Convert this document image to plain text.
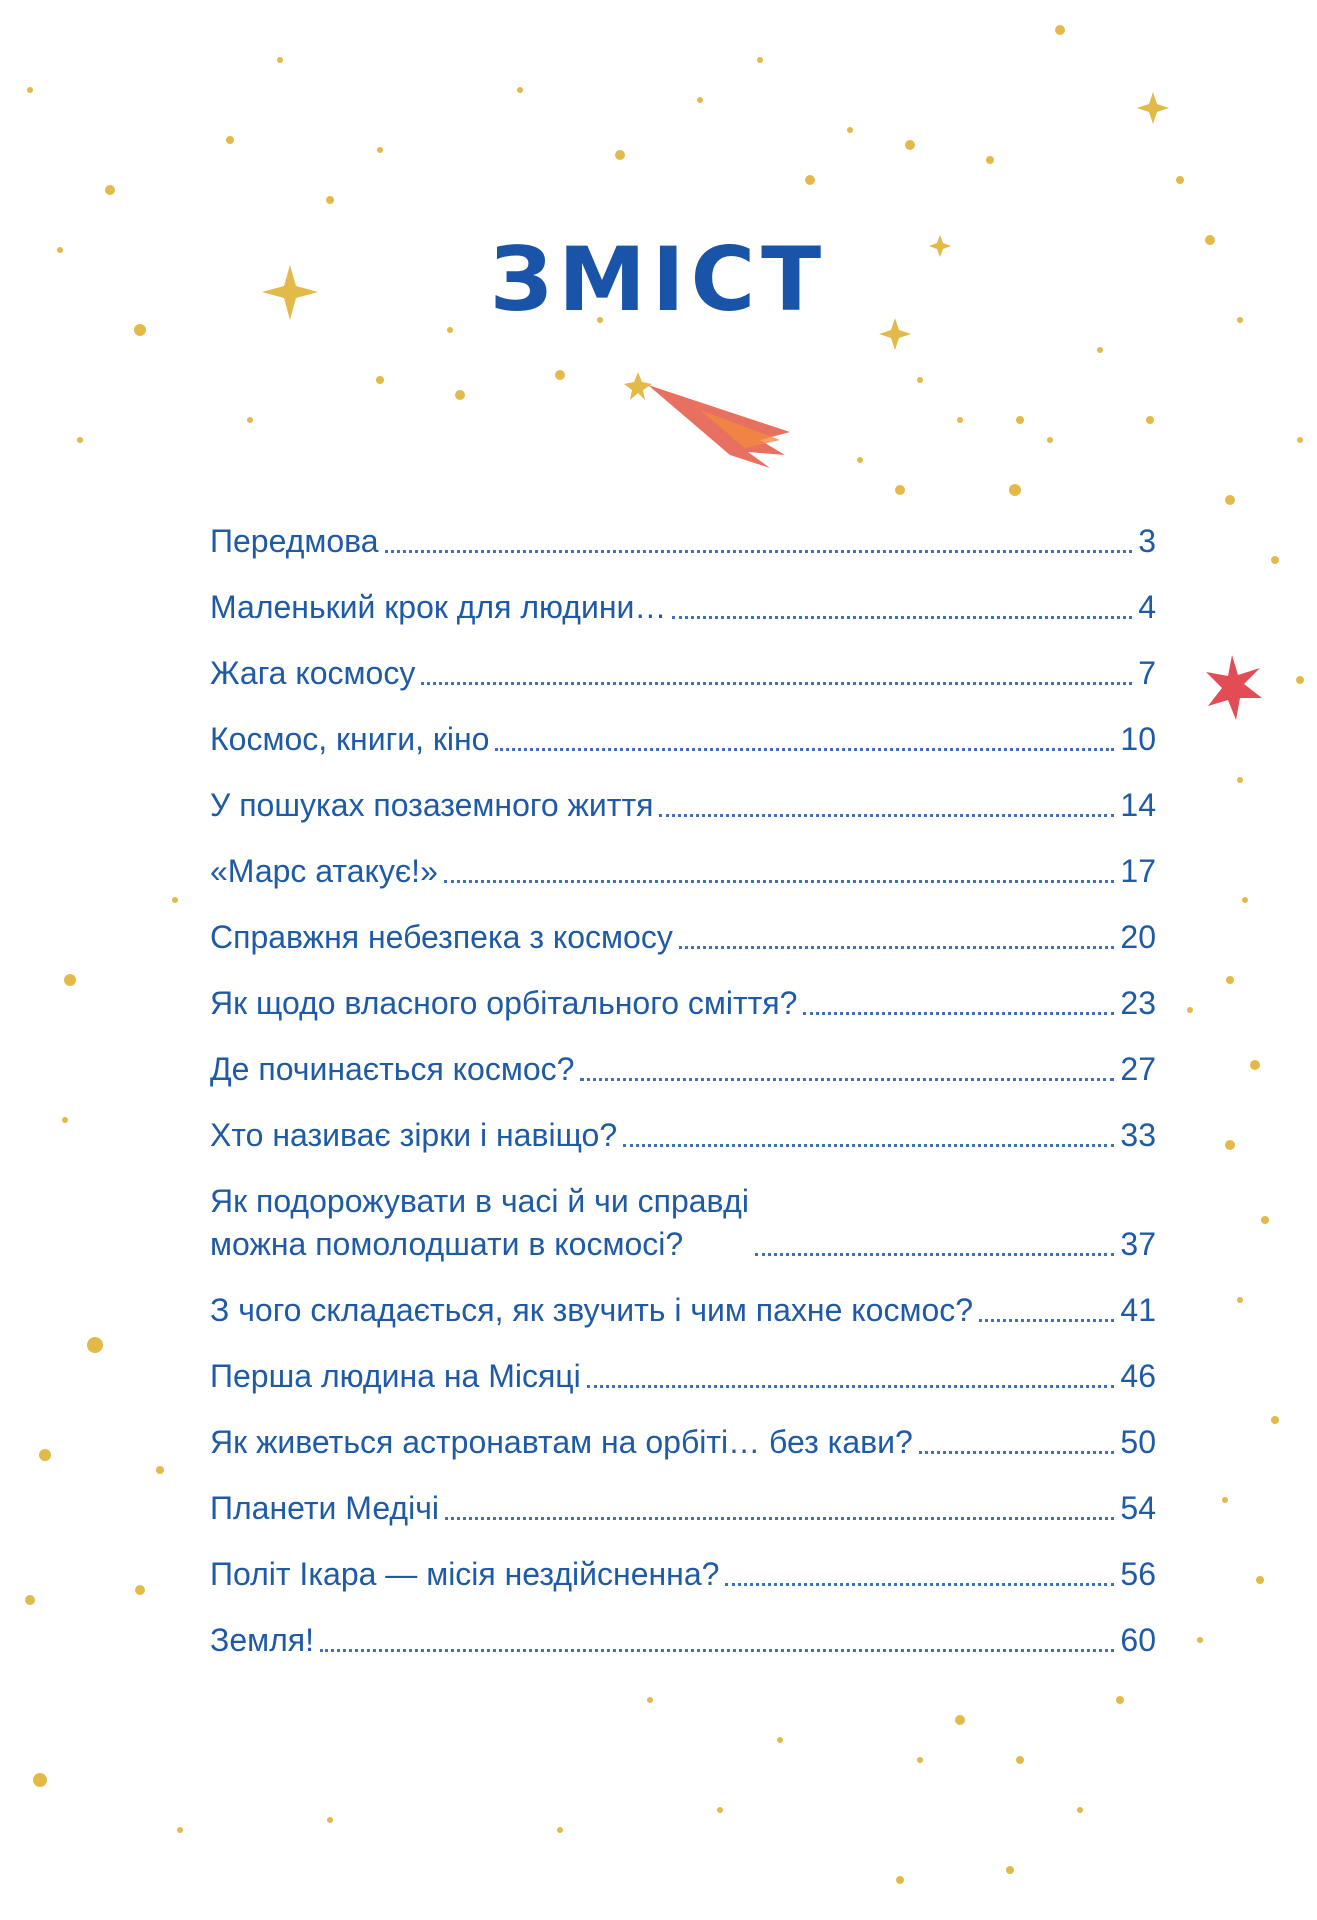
ЗМІСТ
Передмова	3
Маленький крок для людини…	4
Жага космосу	7
Космос, книги, кіно	10
У пошуках позаземного життя	14
«Марс атакує!»	17
Справжня небезпека з космосу	20
Як щодо власного орбітального сміття?	23
Де починається космос?	27
Хто називає зірки і навіщо?	33
Як подорожувати в часі й чи справді
можна помолодшати в космосі?	37
З чого складається, як звучить і чим пахне космос?	41
Перша людина на Місяці	46
Як живеться астронавтам на орбіті… без кави?	50
Планети Медічі	54
Політ Ікара — місія нездійсненна?	56
Земля!	60
